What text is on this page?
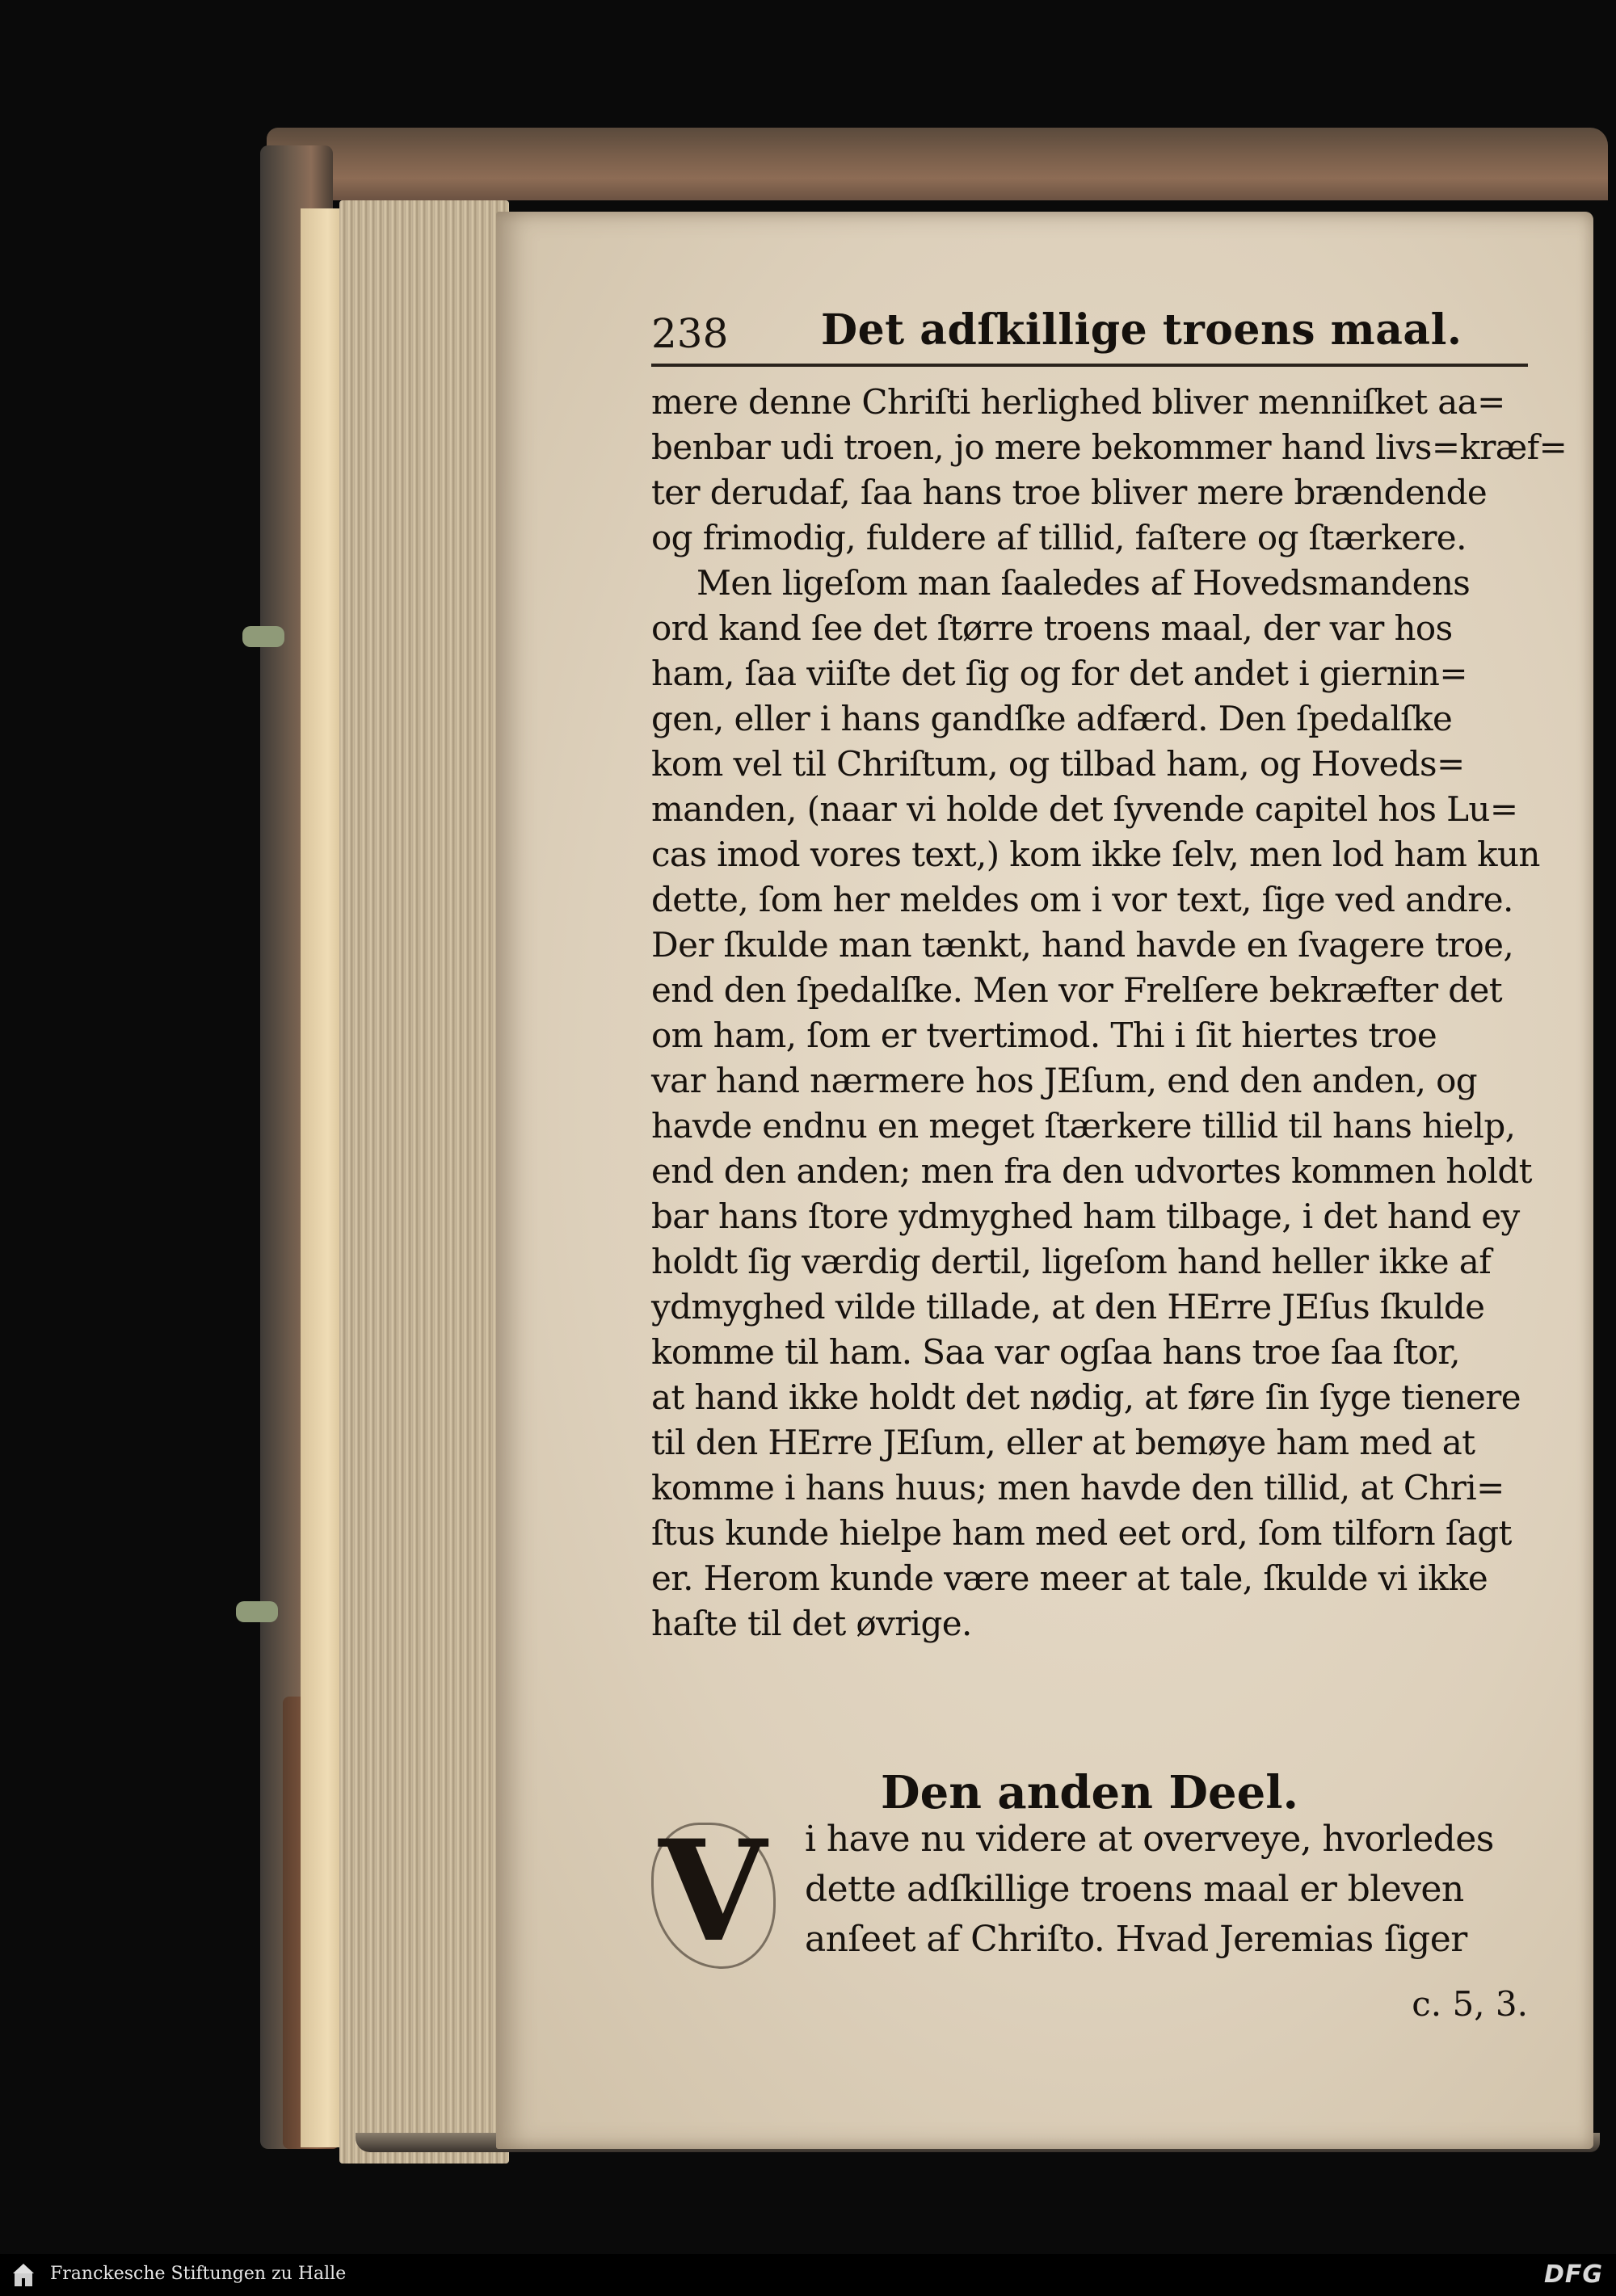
238 Det adſkillige troens maal.
mere denne Chriſti herlighed bliver menniſket aa=
benbar udi troen, jo mere bekommer hand livs=kræf=
ter derudaf, ſaa hans troe bliver mere brændende
og frimodig, fuldere af tillid, faſtere og ſtærkere.
Men ligeſom man ſaaledes af Hovedsmandens
ord kand ſee det ſtørre troens maal, der var hos
ham, ſaa viiſte det ſig og for det andet i giernin=
gen, eller i hans gandſke adfærd. Den ſpedalſke
kom vel til Chriſtum, og tilbad ham, og Hoveds=
manden, (naar vi holde det ſyvende capitel hos Lu=
cas imod vores text,) kom ikke ſelv, men lod ham kun
dette, ſom her meldes om i vor text, ſige ved andre.
Der ſkulde man tænkt, hand havde en ſvagere troe,
end den ſpedalſke. Men vor Frelſere bekræfter det
om ham, ſom er tvertimod. Thi i ſit hiertes troe
var hand nærmere hos JEſum, end den anden, og
havde endnu en meget ſtærkere tillid til hans hielp,
end den anden; men fra den udvortes kommen holdt
bar hans ſtore ydmyghed ham tilbage, i det hand ey
holdt ſig værdig dertil, ligeſom hand heller ikke af
ydmyghed vilde tillade, at den HErre JEſus ſkulde
komme til ham. Saa var ogſaa hans troe ſaa ſtor,
at hand ikke holdt det nødig, at føre ſin ſyge tienere
til den HErre JEſum, eller at bemøye ham med at
komme i hans huus; men havde den tillid, at Chri=
ſtus kunde hielpe ham med eet ord, ſom tilforn ſagt
er. Herom kunde være meer at tale, ſkulde vi ikke
haſte til det øvrige.
Den anden Deel.
V i have nu videre at overveye, hvorledes
dette adſkillige troens maal er bleven
anſeet af Chriſto. Hvad Jeremias ſiger
c. 5, 3.
Franckesche Stiftungen zu Halle	DFG
